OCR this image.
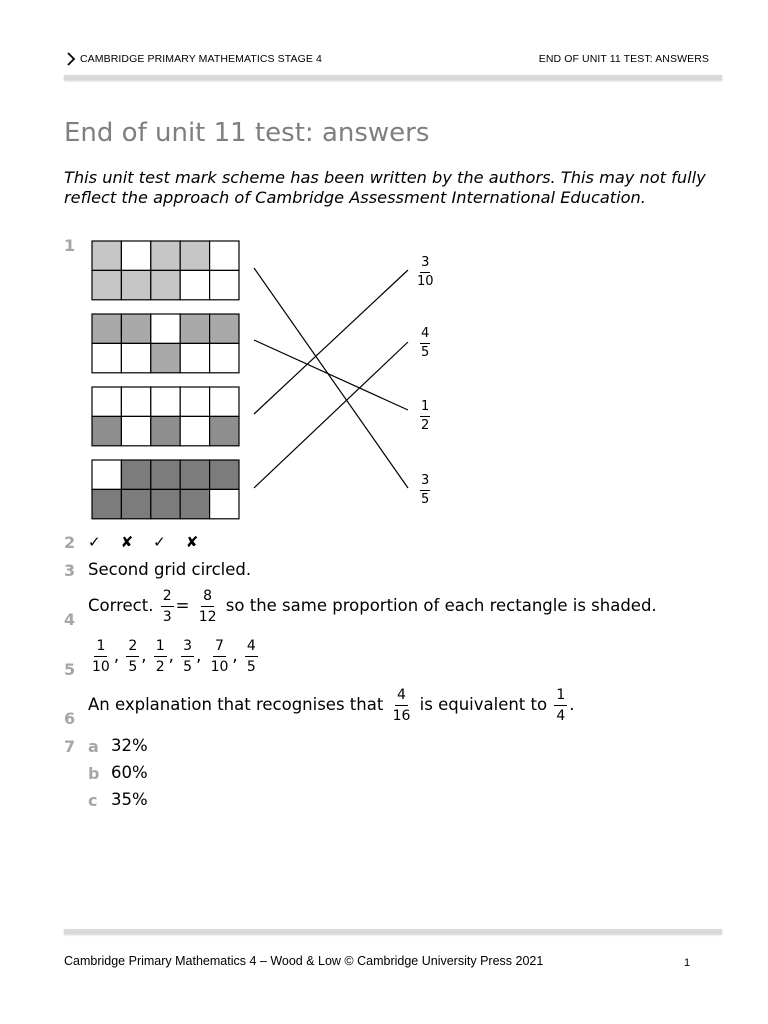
CAMBRIDGE PRIMARY MATHEMATICS STAGE 4	END OF UNIT 11 TEST: ANSWERS
End of unit 11 test: answers
This unit test mark scheme has been written by the authors. This may not fully reflect the approach of Cambridge Assessment International Education.
1
3
10
4
5
1
2
3
5
2 ✓ ✘ ✓ ✘
3 Second grid circled.
4
Correct. $\frac{2}{3} = \frac{8}{12}$ so the same proportion of each rectangle is shaded.
$5 \frac{1}{10}$ , $\frac{2}{5}$ , $\frac{1}{2}$ , $\frac{3}{5}$ , $\frac{7}{10}$ , $\frac{4}{5}$
6
An explanation that recognises that $\frac{4}{16}$ is equivalent to $\frac{1}{4}$ .
7 a 32%
b 60%
c 35%
Cambridge Primary Mathematics 4 – Wood & Low © Cambridge University Press 2021	1
